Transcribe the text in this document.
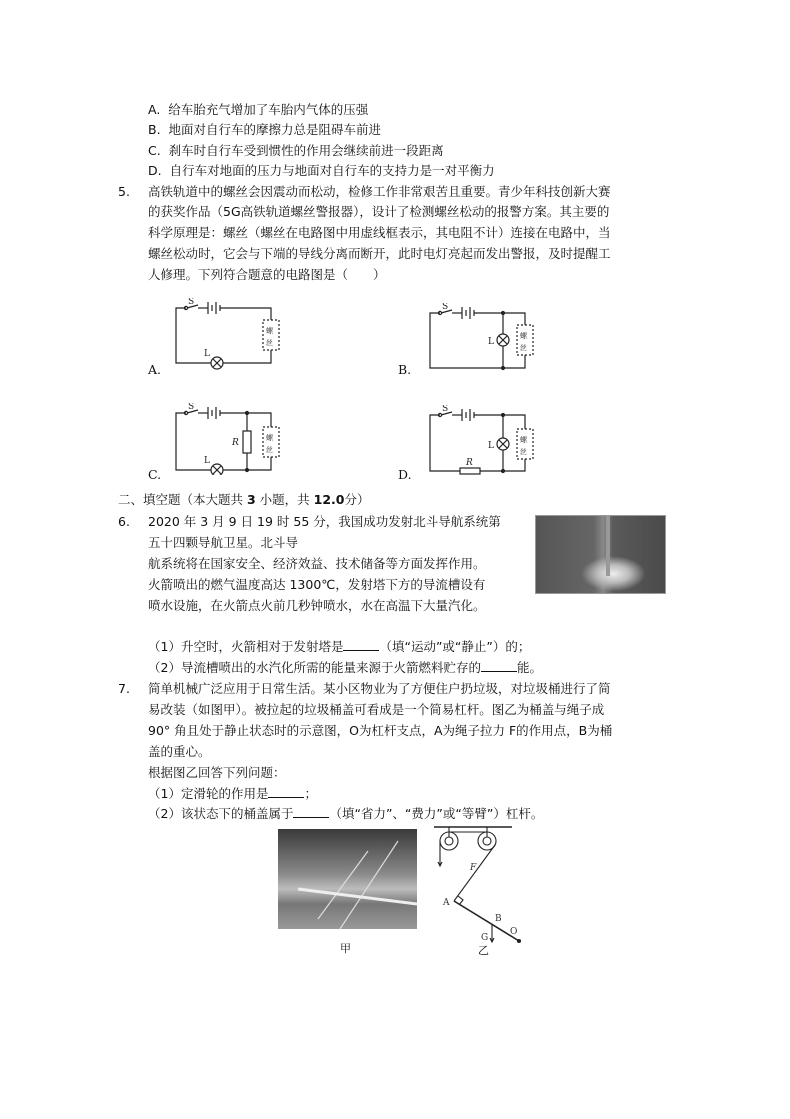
A. 给车胎充气增加了车胎内气体的压强
B. 地面对自行车的摩擦力总是阻碍车前进
C. 刹车时自行车受到惯性的作用会继续前进一段距离
D. 自行车对地面的压力与地面对自行车的支持力是一对平衡力
5. 高铁轨道中的螺丝会因震动而松动，检修工作非常艰苦且重要。青少年科技创新大赛
的获奖作品（5G高铁轨道螺丝警报器），设计了检测螺丝松动的报警方案。其主要的
科学原理是：螺丝（螺丝在电路图中用虚线框表示，其电阻不计）连接在电路中，当
螺丝松动时，它会与下端的导线分离而断开，此时电灯亮起而发出警报，及时提醒工
人修理。下列符合题意的电路图是（　　）
A.
S
L
螺
丝
B.
S
L
螺
丝
C.
S
L
R	螺
丝
D.
S
L
R
螺
丝
二、填空题（本大题共 3 小题，共 12.0分）
6. 2020 年 3 月 9 日 19 时 55 分，我国成功发射北斗导航系统第
五十四颗导航卫星。北斗导
航系统将在国家安全、经济效益、技术储备等方面发挥作用。
火箭喷出的燃气温度高达 1300℃，发射塔下方的导流槽设有
喷水设施，在火箭点火前几秒钟喷水，水在高温下大量汽化。
（1）升空时，火箭相对于发射塔是	（填“运动”或“静止”）的；
（2）导流槽喷出的水汽化所需的能量来源于火箭燃料贮存的	能。
7. 简单机械广泛应用于日常生活。某小区物业为了方便住户扔垃圾，对垃圾桶进行了简
易改装（如图甲）。被拉起的垃圾桶盖可看成是一个简易杠杆。图乙为桶盖与绳子成
90° 角且处于静止状态时的示意图，O为杠杆支点，A为绳子拉力 F的作用点，B为桶
盖的重心。
根据图乙回答下列问题：
（1）定滑轮的作用是	；
（2）该状态下的桶盖属于	（填“省力”、“费力”或“等臂”）杠杆。
甲
F
A
B
G
O
乙
